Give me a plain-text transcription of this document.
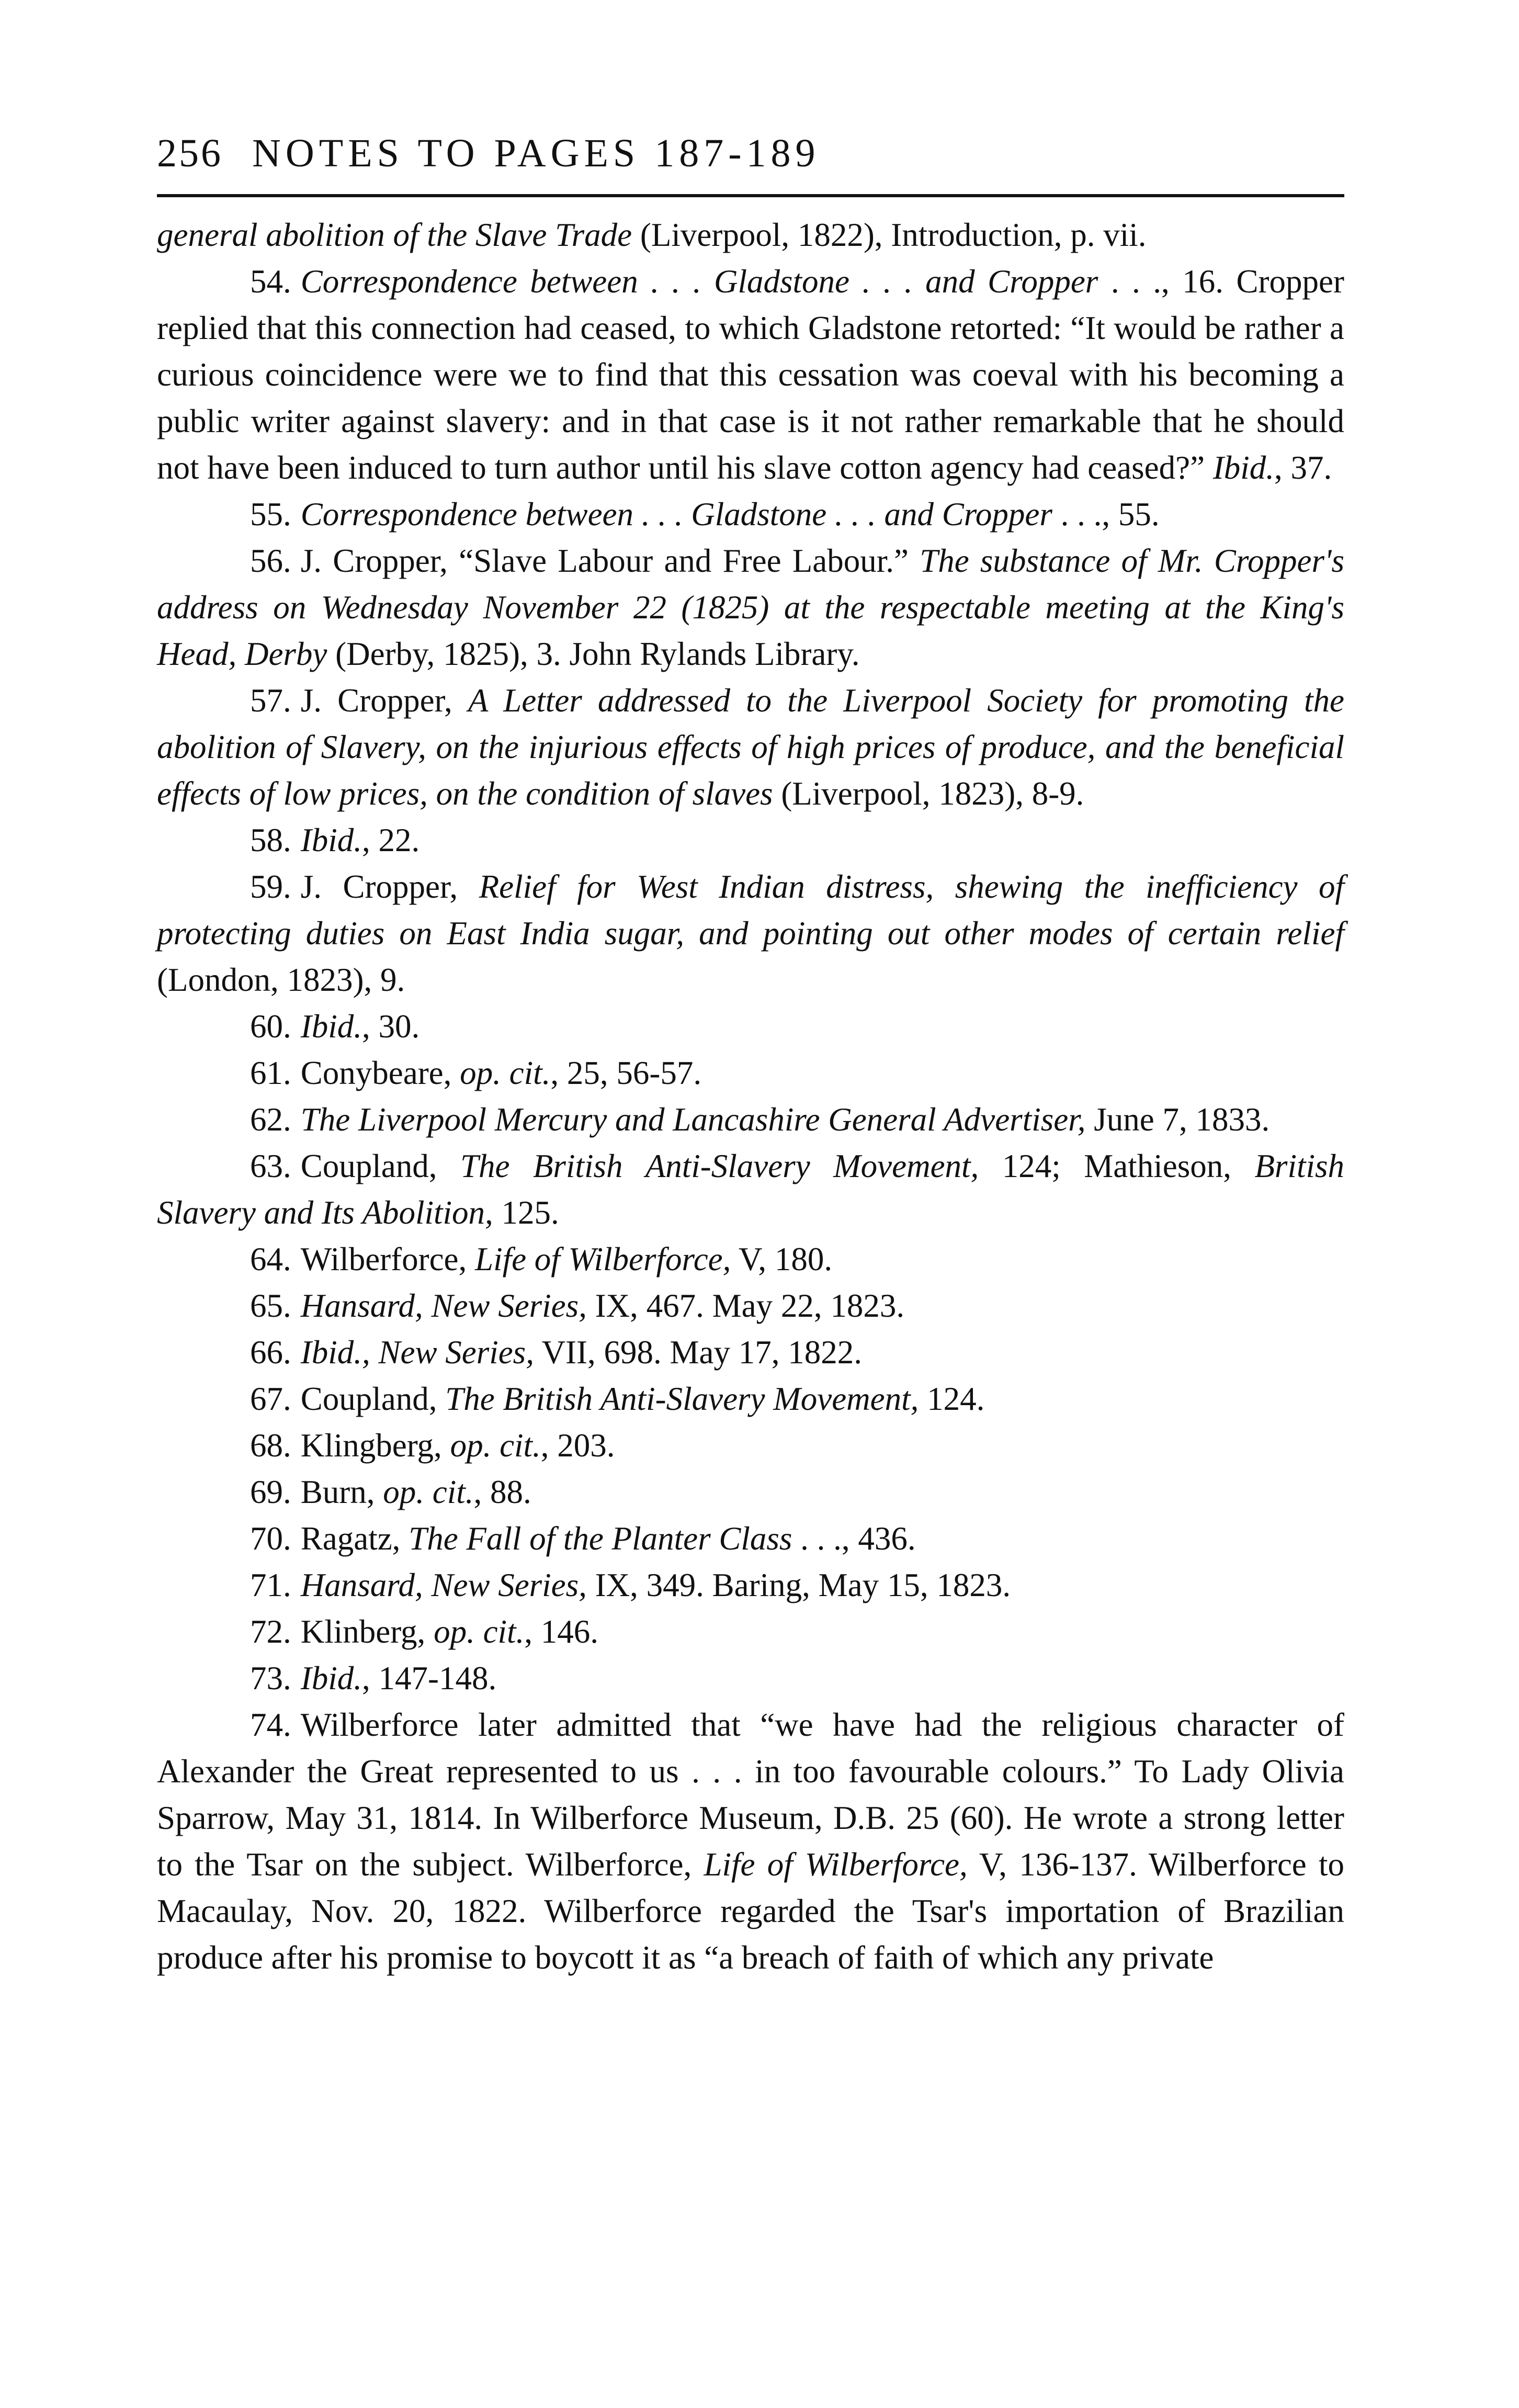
256 NOTES TO PAGES 187-189

general abolition of the Slave Trade (Liverpool, 1822), Introduction, p. vii.

54. Correspondence between . . . Gladstone . . . and Cropper . . ., 16. Cropper replied that this connection had ceased, to which Gladstone retorted: “It would be rather a curious coincidence were we to find that this cessation was coeval with his becoming a public writer against slavery: and in that case is it not rather remarkable that he should not have been induced to turn author until his slave cotton agency had ceased?” Ibid., 37.

55. Correspondence between . . . Gladstone . . . and Cropper . . ., 55.

56. J. Cropper, “Slave Labour and Free Labour.” The substance of Mr. Cropper's address on Wednesday November 22 (1825) at the respectable meeting at the King's Head, Derby (Derby, 1825), 3. John Rylands Library.

57. J. Cropper, A Letter addressed to the Liverpool Society for promoting the abolition of Slavery, on the injurious effects of high prices of produce, and the beneficial effects of low prices, on the condition of slaves (Liverpool, 1823), 8-9.

58. Ibid., 22.

59. J. Cropper, Relief for West Indian distress, shewing the inefficiency of protecting duties on East India sugar, and pointing out other modes of certain relief (London, 1823), 9.

60. Ibid., 30.

61. Conybeare, op. cit., 25, 56-57.

62. The Liverpool Mercury and Lancashire General Advertiser, June 7, 1833.

63. Coupland, The British Anti-Slavery Movement, 124; Mathieson, British Slavery and Its Abolition, 125.

64. Wilberforce, Life of Wilberforce, V, 180.

65. Hansard, New Series, IX, 467. May 22, 1823.

66. Ibid., New Series, VII, 698. May 17, 1822.

67. Coupland, The British Anti-Slavery Movement, 124.

68. Klingberg, op. cit., 203.

69. Burn, op. cit., 88.

70. Ragatz, The Fall of the Planter Class . . ., 436.

71. Hansard, New Series, IX, 349. Baring, May 15, 1823.

72. Klinberg, op. cit., 146.

73. Ibid., 147-148.

74. Wilberforce later admitted that “we have had the religious character of Alexander the Great represented to us . . . in too favourable colours.” To Lady Olivia Sparrow, May 31, 1814. In Wilberforce Museum, D.B. 25 (60). He wrote a strong letter to the Tsar on the subject. Wilberforce, Life of Wilberforce, V, 136-137. Wilberforce to Macaulay, Nov. 20, 1822. Wilberforce regarded the Tsar's importation of Brazilian produce after his promise to boycott it as “a breach of faith of which any private
